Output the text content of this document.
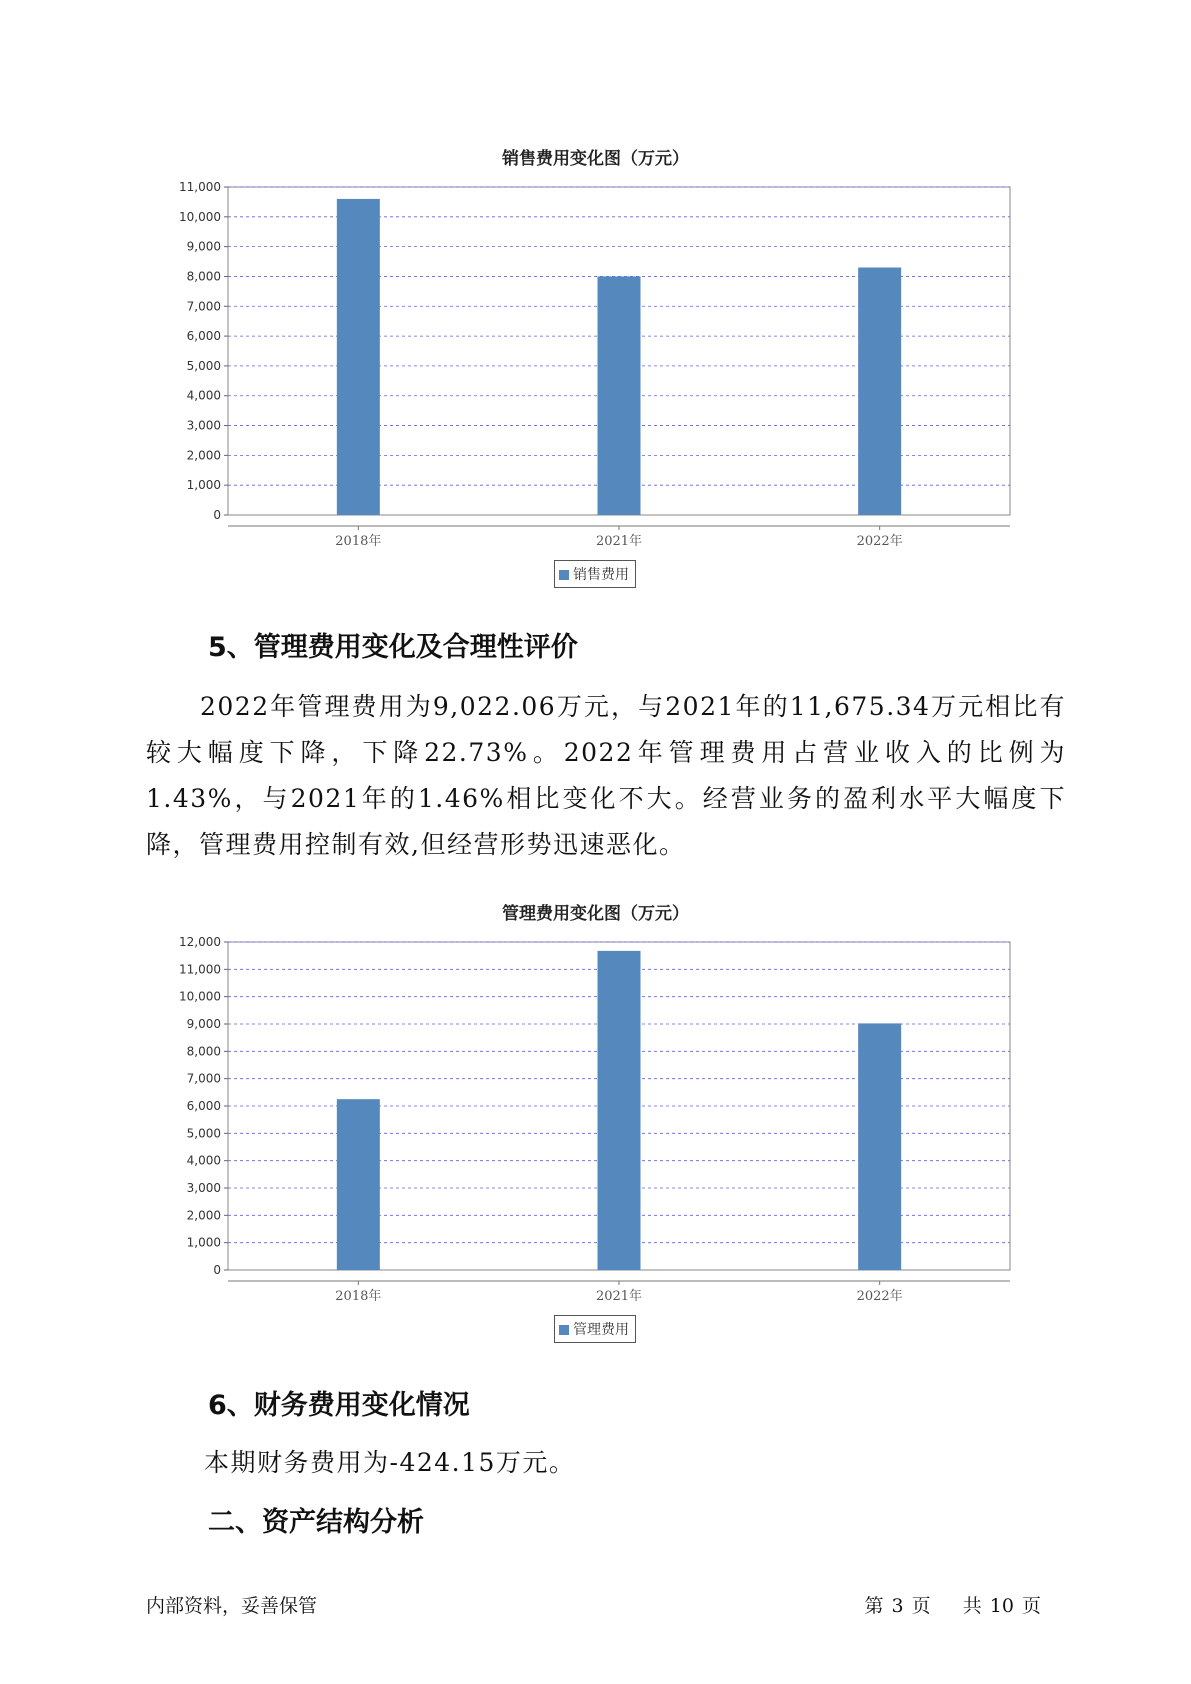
销售费用变化图（万元）
0
1,000
2,000
3,000
4,000
5,000
6,000
7,000
8,000
9,000
10,000
11,000
2018年	2021年	2022年
销售费用
5、管理费用变化及合理性评价
2022年管理费用为9,022.06万元，与2021年的11,675.34万元相比有较大幅度下降，下降22.73%。2022年管理费用占营业收入的比例为1.43%，与2021年的1.46%相比变化不大。经营业务的盈利水平大幅度下降，管理费用控制有效,但经营形势迅速恶化。
管理费用变化图（万元）
0
1,000
2,000
3,000
4,000
5,000
6,000
7,000
8,000
9,000
10,000
11,000
12,000
2018年	2021年	2022年
管理费用
6、财务费用变化情况
本期财务费用为-424.15万元。
二、资产结构分析
内部资料，妥善保管	第 3 页 共 10 页
